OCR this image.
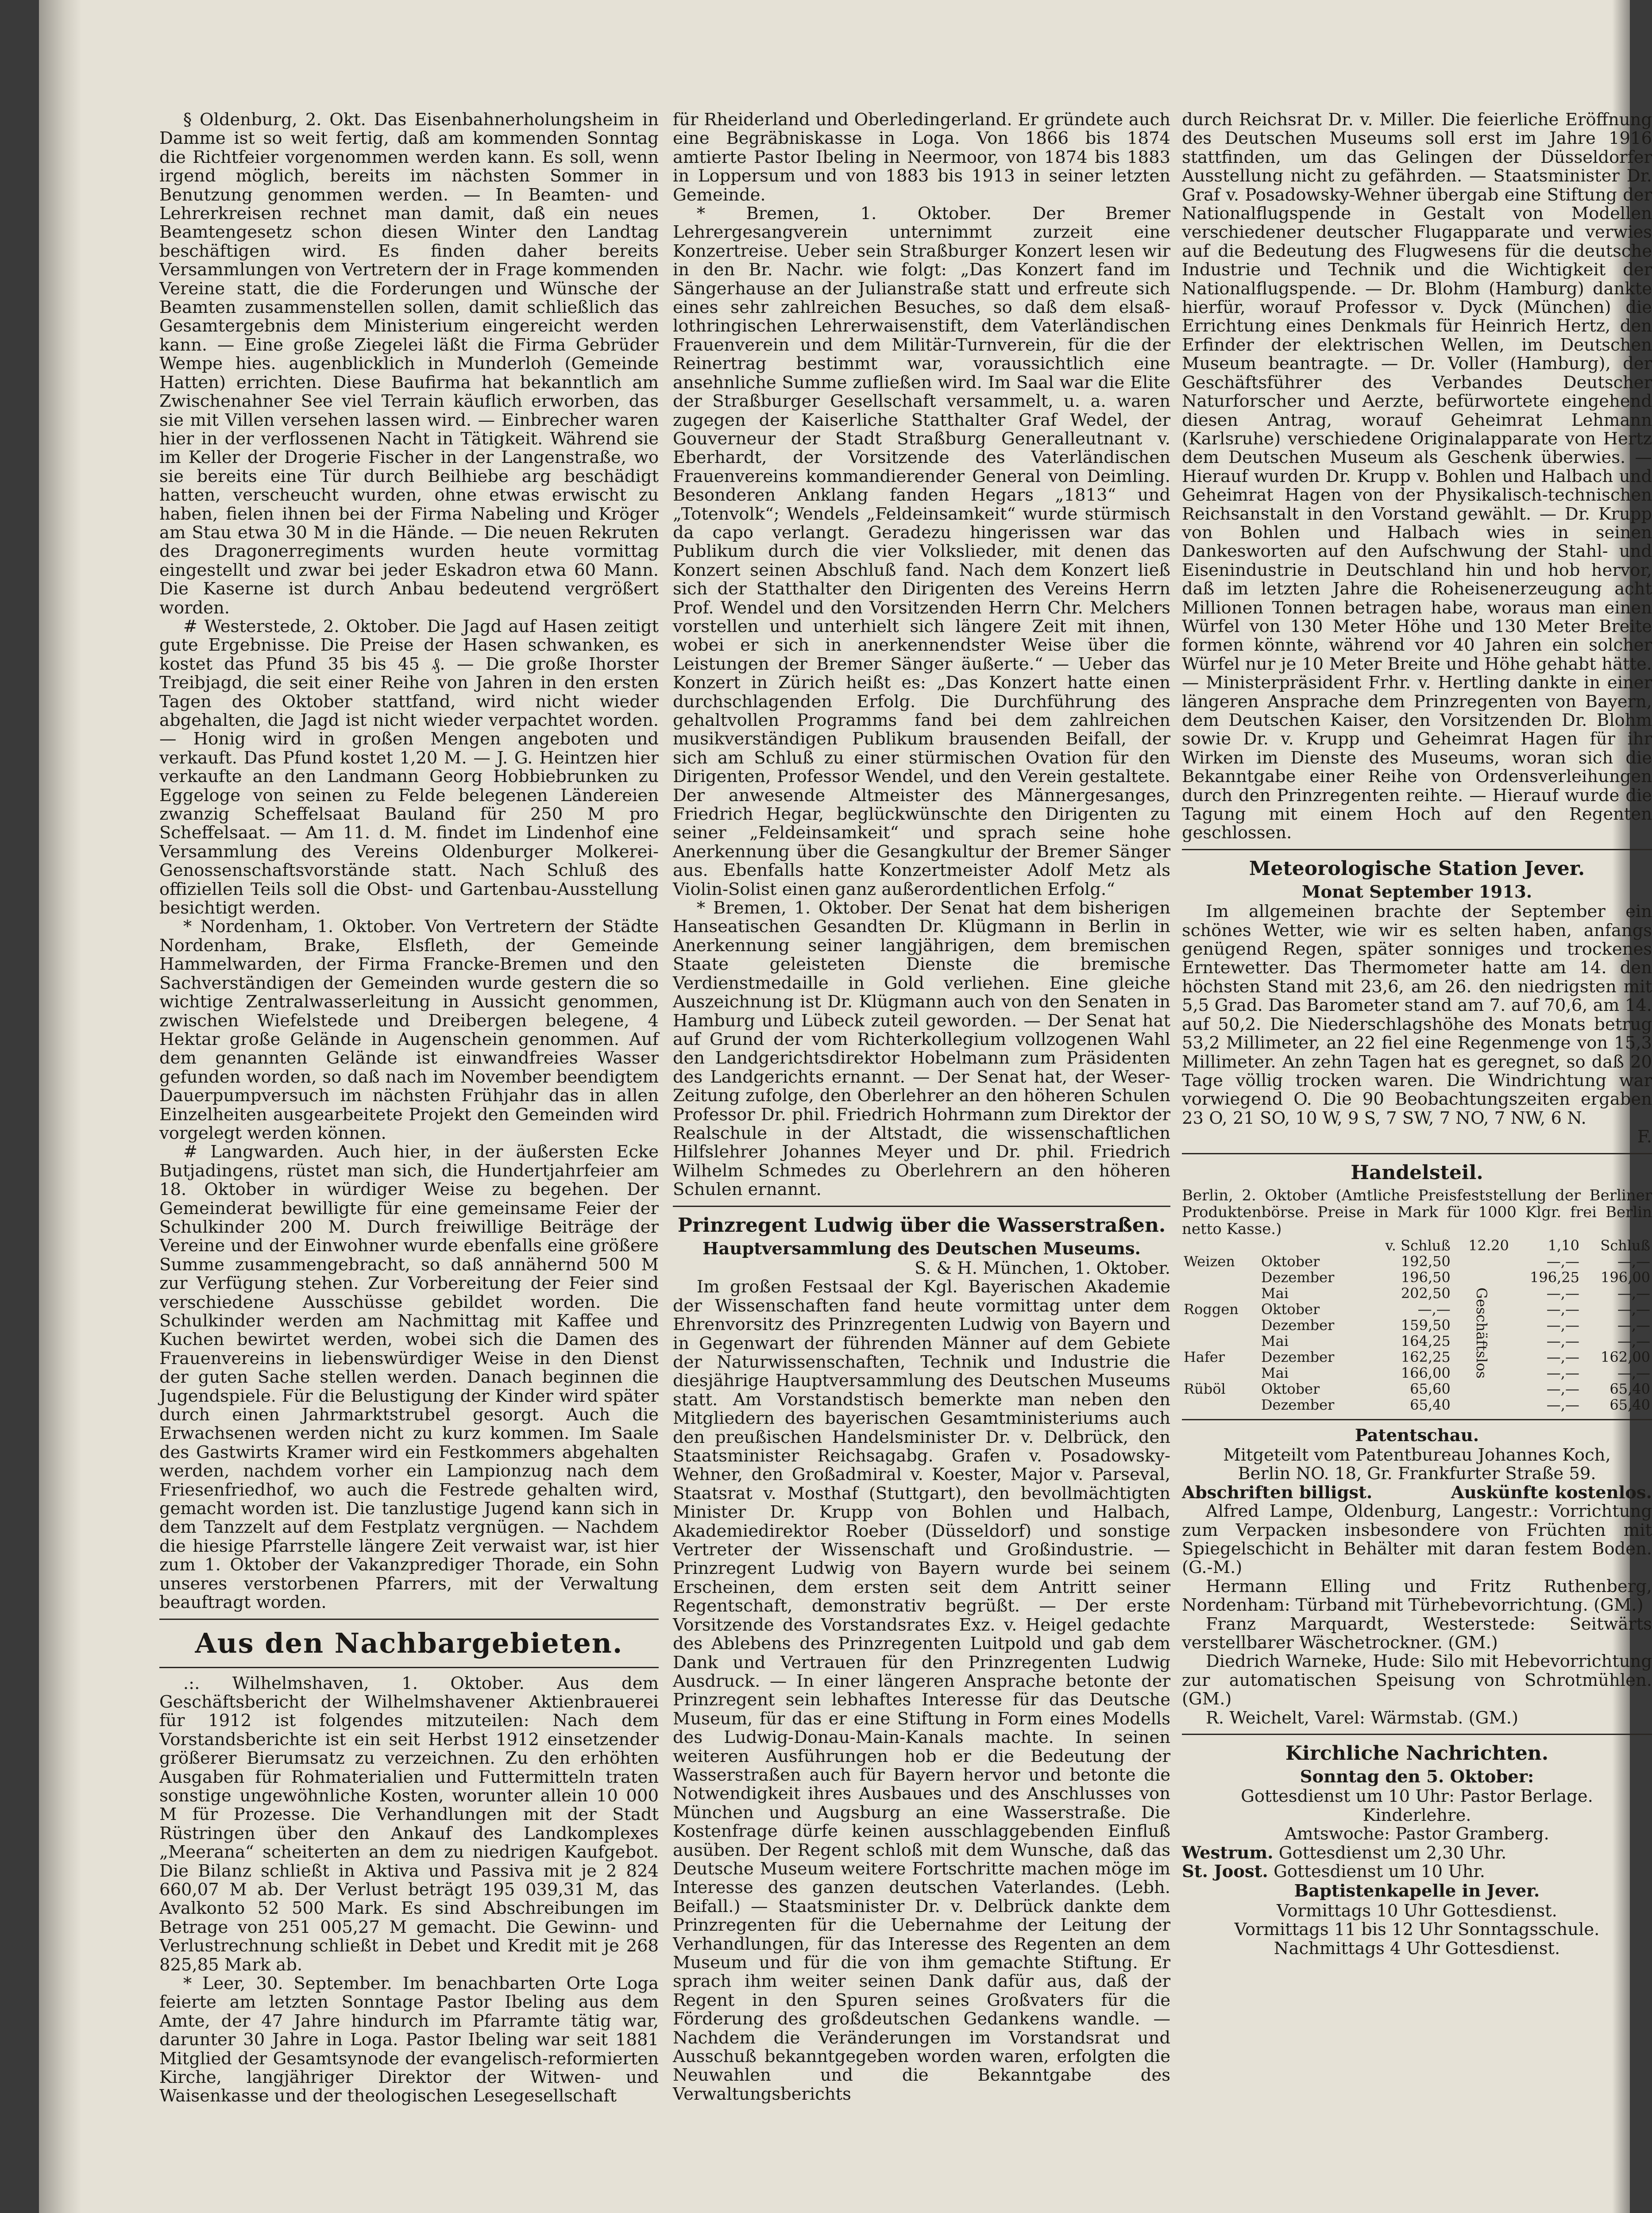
§ Oldenburg, 2. Okt. Das Eisenbahnerholungsheim in Damme ist so weit fertig, daß am kommenden Sonntag die Richtfeier vorgenommen werden kann. Es soll, wenn irgend möglich, bereits im nächsten Sommer in Benutzung genommen werden. — In Beamten- und Lehrerkreisen rechnet man damit, daß ein neues Beamtengesetz schon diesen Winter den Landtag beschäftigen wird. Es finden daher bereits Versammlungen von Vertretern der in Frage kommenden Vereine statt, die die Forderungen und Wünsche der Beamten zusammenstellen sollen, damit schließlich das Gesamtergebnis dem Ministerium eingereicht werden kann. — Eine große Ziegelei läßt die Firma Gebrüder Wempe hies. augenblicklich in Munderloh (Gemeinde Hatten) errichten. Diese Baufirma hat bekanntlich am Zwischenahner See viel Terrain käuflich erworben, das sie mit Villen versehen lassen wird. — Einbrecher waren hier in der verflossenen Nacht in Tätigkeit. Während sie im Keller der Drogerie Fischer in der Langenstraße, wo sie bereits eine Tür durch Beilhiebe arg beschädigt hatten, verscheucht wurden, ohne etwas erwischt zu haben, fielen ihnen bei der Firma Nabeling und Kröger am Stau etwa 30 M in die Hände. — Die neuen Rekruten des Dragonerregiments wurden heute vormittag eingestellt und zwar bei jeder Eskadron etwa 60 Mann. Die Kaserne ist durch Anbau bedeutend vergrößert worden.

# Westerstede, 2. Oktober. Die Jagd auf Hasen zeitigt gute Ergebnisse. Die Preise der Hasen schwanken, es kostet das Pfund 35 bis 45 ₰. — Die große Ihorster Treibjagd, die seit einer Reihe von Jahren in den ersten Tagen des Oktober stattfand, wird nicht wieder abgehalten, die Jagd ist nicht wieder verpachtet worden. — Honig wird in großen Mengen angeboten und verkauft. Das Pfund kostet 1,20 M. — J. G. Heintzen hier verkaufte an den Landmann Georg Hobbiebrunken zu Eggeloge von seinen zu Felde belegenen Ländereien zwanzig Scheffelsaat Bauland für 250 M pro Scheffelsaat. — Am 11. d. M. findet im Lindenhof eine Versammlung des Vereins Oldenburger Molkerei-Genossenschaftsvorstände statt. Nach Schluß des offiziellen Teils soll die Obst- und Gartenbau-Ausstellung besichtigt werden.

* Nordenham, 1. Oktober. Von Vertretern der Städte Nordenham, Brake, Elsfleth, der Gemeinde Hammelwarden, der Firma Francke-Bremen und den Sachverständigen der Gemeinden wurde gestern die so wichtige Zentralwasserleitung in Aussicht genommen, zwischen Wiefelstede und Dreibergen belegene, 4 Hektar große Gelände in Augenschein genommen. Auf dem genannten Gelände ist einwandfreies Wasser gefunden worden, so daß nach im November beendigtem Dauerpumpversuch im nächsten Frühjahr das in allen Einzelheiten ausgearbeitete Projekt den Gemeinden wird vorgelegt werden können.

# Langwarden. Auch hier, in der äußersten Ecke Butjadingens, rüstet man sich, die Hundertjahrfeier am 18. Oktober in würdiger Weise zu begehen. Der Gemeinderat bewilligte für eine gemeinsame Feier der Schulkinder 200 M. Durch freiwillige Beiträge der Vereine und der Einwohner wurde ebenfalls eine größere Summe zusammengebracht, so daß annähernd 500 M zur Verfügung stehen. Zur Vorbereitung der Feier sind verschiedene Ausschüsse gebildet worden. Die Schulkinder werden am Nachmittag mit Kaffee und Kuchen bewirtet werden, wobei sich die Damen des Frauenvereins in liebenswürdiger Weise in den Dienst der guten Sache stellen werden. Danach beginnen die Jugendspiele. Für die Belustigung der Kinder wird später durch einen Jahrmarktstrubel gesorgt. Auch die Erwachsenen werden nicht zu kurz kommen. Im Saale des Gastwirts Kramer wird ein Festkommers abgehalten werden, nachdem vorher ein Lampionzug nach dem Friesenfriedhof, wo auch die Festrede gehalten wird, gemacht worden ist. Die tanzlustige Jugend kann sich in dem Tanzzelt auf dem Festplatz vergnügen. — Nachdem die hiesige Pfarrstelle längere Zeit verwaist war, ist hier zum 1. Oktober der Vakanzprediger Thorade, ein Sohn unseres verstorbenen Pfarrers, mit der Verwaltung beauftragt worden.

Aus den Nachbargebieten.

.:. Wilhelmshaven, 1. Oktober. Aus dem Geschäftsbericht der Wilhelmshavener Aktienbrauerei für 1912 ist folgendes mitzuteilen: Nach dem Vorstandsberichte ist ein seit Herbst 1912 einsetzender größerer Bierumsatz zu verzeichnen. Zu den erhöhten Ausgaben für Rohmaterialien und Futtermitteln traten sonstige ungewöhnliche Kosten, worunter allein 10 000 M für Prozesse. Die Verhandlungen mit der Stadt Rüstringen über den Ankauf des Landkomplexes „Meerana“ scheiterten an dem zu niedrigen Kaufgebot. Die Bilanz schließt in Aktiva und Passiva mit je 2 824 660,07 M ab. Der Verlust beträgt 195 039,31 M, das Avalkonto 52 500 Mark. Es sind Abschreibungen im Betrage von 251 005,27 M gemacht. Die Gewinn- und Verlustrechnung schließt in Debet und Kredit mit je 268 825,85 Mark ab.

* Leer, 30. September. Im benachbarten Orte Loga feierte am letzten Sonntage Pastor Ibeling aus dem Amte, der 47 Jahre hindurch im Pfarramte tätig war, darunter 30 Jahre in Loga. Pastor Ibeling war seit 1881 Mitglied der Gesamtsynode der evangelisch-reformierten Kirche, langjähriger Direktor der Witwen- und Waisenkasse und der theologischen Lesegesellschaft

für Rheiderland und Oberledingerland. Er gründete auch eine Begräbniskasse in Loga. Von 1866 bis 1874 amtierte Pastor Ibeling in Neermoor, von 1874 bis 1883 in Loppersum und von 1883 bis 1913 in seiner letzten Gemeinde.

* Bremen, 1. Oktober. Der Bremer Lehrergesangverein unternimmt zurzeit eine Konzertreise. Ueber sein Straßburger Konzert lesen wir in den Br. Nachr. wie folgt: „Das Konzert fand im Sängerhause an der Julianstraße statt und erfreute sich eines sehr zahlreichen Besuches, so daß dem elsaß-lothringischen Lehrerwaisenstift, dem Vaterländischen Frauenverein und dem Militär-Turnverein, für die der Reinertrag bestimmt war, voraussichtlich eine ansehnliche Summe zufließen wird. Im Saal war die Elite der Straßburger Gesellschaft versammelt, u. a. waren zugegen der Kaiserliche Statthalter Graf Wedel, der Gouverneur der Stadt Straßburg Generalleutnant v. Eberhardt, der Vorsitzende des Vaterländischen Frauenvereins kommandierender General von Deimling. Besonderen Anklang fanden Hegars „1813“ und „Totenvolk“; Wendels „Feldeinsamkeit“ wurde stürmisch da capo verlangt. Geradezu hingerissen war das Publikum durch die vier Volkslieder, mit denen das Konzert seinen Abschluß fand. Nach dem Konzert ließ sich der Statthalter den Dirigenten des Vereins Herrn Prof. Wendel und den Vorsitzenden Herrn Chr. Melchers vorstellen und unterhielt sich längere Zeit mit ihnen, wobei er sich in anerkennendster Weise über die Leistungen der Bremer Sänger äußerte.“ — Ueber das Konzert in Zürich heißt es: „Das Konzert hatte einen durchschlagenden Erfolg. Die Durchführung des gehaltvollen Programms fand bei dem zahlreichen musikverständigen Publikum brausenden Beifall, der sich am Schluß zu einer stürmischen Ovation für den Dirigenten, Professor Wendel, und den Verein gestaltete. Der anwesende Altmeister des Männergesanges, Friedrich Hegar, beglückwünschte den Dirigenten zu seiner „Feldeinsamkeit“ und sprach seine hohe Anerkennung über die Gesangkultur der Bremer Sänger aus. Ebenfalls hatte Konzertmeister Adolf Metz als Violin-Solist einen ganz außerordentlichen Erfolg.“

* Bremen, 1. Oktober. Der Senat hat dem bisherigen Hanseatischen Gesandten Dr. Klügmann in Berlin in Anerkennung seiner langjährigen, dem bremischen Staate geleisteten Dienste die bremische Verdienstmedaille in Gold verliehen. Eine gleiche Auszeichnung ist Dr. Klügmann auch von den Senaten in Hamburg und Lübeck zuteil geworden. — Der Senat hat auf Grund der vom Richterkollegium vollzogenen Wahl den Landgerichtsdirektor Hobelmann zum Präsidenten des Landgerichts ernannt. — Der Senat hat, der Weser-Zeitung zufolge, den Oberlehrer an den höheren Schulen Professor Dr. phil. Friedrich Hohrmann zum Direktor der Realschule in der Altstadt, die wissenschaftlichen Hilfslehrer Johannes Meyer und Dr. phil. Friedrich Wilhelm Schmedes zu Oberlehrern an den höheren Schulen ernannt.

Prinzregent Ludwig über die Wasserstraßen.
Hauptversammlung des Deutschen Museums.
S. & H. München, 1. Oktober.

Im großen Festsaal der Kgl. Bayerischen Akademie der Wissenschaften fand heute vormittag unter dem Ehrenvorsitz des Prinzregenten Ludwig von Bayern und in Gegenwart der führenden Männer auf dem Gebiete der Naturwissenschaften, Technik und Industrie die diesjährige Hauptversammlung des Deutschen Museums statt. Am Vorstandstisch bemerkte man neben den Mitgliedern des bayerischen Gesamtministeriums auch den preußischen Handelsminister Dr. v. Delbrück, den Staatsminister Reichsagabg. Grafen v. Posadowsky-Wehner, den Großadmiral v. Koester, Major v. Parseval, Staatsrat v. Mosthaf (Stuttgart), den bevollmächtigten Minister Dr. Krupp von Bohlen und Halbach, Akademiedirektor Roeber (Düsseldorf) und sonstige Vertreter der Wissenschaft und Großindustrie. — Prinzregent Ludwig von Bayern wurde bei seinem Erscheinen, dem ersten seit dem Antritt seiner Regentschaft, demonstrativ begrüßt. — Der erste Vorsitzende des Vorstandsrates Exz. v. Heigel gedachte des Ablebens des Prinzregenten Luitpold und gab dem Dank und Vertrauen für den Prinzregenten Ludwig Ausdruck. — In einer längeren Ansprache betonte der Prinzregent sein lebhaftes Interesse für das Deutsche Museum, für das er eine Stiftung in Form eines Modells des Ludwig-Donau-Main-Kanals machte. In seinen weiteren Ausführungen hob er die Bedeutung der Wasserstraßen auch für Bayern hervor und betonte die Notwendigkeit ihres Ausbaues und des Anschlusses von München und Augsburg an eine Wasserstraße. Die Kostenfrage dürfe keinen ausschlaggebenden Einfluß ausüben. Der Regent schloß mit dem Wunsche, daß das Deutsche Museum weitere Fortschritte machen möge im Interesse des ganzen deutschen Vaterlandes. (Lebh. Beifall.) — Staatsminister Dr. v. Delbrück dankte dem Prinzregenten für die Uebernahme der Leitung der Verhandlungen, für das Interesse des Regenten an dem Museum und für die von ihm gemachte Stiftung. Er sprach ihm weiter seinen Dank dafür aus, daß der Regent in den Spuren seines Großvaters für die Förderung des großdeutschen Gedankens wandle. — Nachdem die Veränderungen im Vorstandsrat und Ausschuß bekanntgegeben worden waren, erfolgten die Neuwahlen und die Bekanntgabe des Verwaltungsberichts

durch Reichsrat Dr. v. Miller. Die feierliche Eröffnung des Deutschen Museums soll erst im Jahre 1916 stattfinden, um das Gelingen der Düsseldorfer Ausstellung nicht zu gefährden. — Staatsminister Dr. Graf v. Posadowsky-Wehner übergab eine Stiftung der Nationalflugspende in Gestalt von Modellen verschiedener deutscher Flugapparate und verwies auf die Bedeutung des Flugwesens für die deutsche Industrie und Technik und die Wichtigkeit der Nationalflugspende. — Dr. Blohm (Hamburg) dankte hierfür, worauf Professor v. Dyck (München) die Errichtung eines Denkmals für Heinrich Hertz, den Erfinder der elektrischen Wellen, im Deutschen Museum beantragte. — Dr. Voller (Hamburg), der Geschäftsführer des Verbandes Deutscher Naturforscher und Aerzte, befürwortete eingehend diesen Antrag, worauf Geheimrat Lehmann (Karlsruhe) verschiedene Originalapparate von Hertz dem Deutschen Museum als Geschenk überwies. — Hierauf wurden Dr. Krupp v. Bohlen und Halbach und Geheimrat Hagen von der Physikalisch-technischen Reichsanstalt in den Vorstand gewählt. — Dr. Krupp von Bohlen und Halbach wies in seinen Dankesworten auf den Aufschwung der Stahl- und Eisenindustrie in Deutschland hin und hob hervor, daß im letzten Jahre die Roheisenerzeugung acht Millionen Tonnen betragen habe, woraus man einen Würfel von 130 Meter Höhe und 130 Meter Breite formen könnte, während vor 40 Jahren ein solcher Würfel nur je 10 Meter Breite und Höhe gehabt hätte. — Ministerpräsident Frhr. v. Hertling dankte in einer längeren Ansprache dem Prinzregenten von Bayern, dem Deutschen Kaiser, den Vorsitzenden Dr. Blohm sowie Dr. v. Krupp und Geheimrat Hagen für ihr Wirken im Dienste des Museums, woran sich die Bekanntgabe einer Reihe von Ordensverleihungen durch den Prinzregenten reihte. — Hierauf wurde die Tagung mit einem Hoch auf den Regenten geschlossen.

Meteorologische Station Jever.
Monat September 1913.

Im allgemeinen brachte der September ein schönes Wetter, wie wir es selten haben, anfangs genügend Regen, später sonniges und trockenes Erntewetter. Das Thermometer hatte am 14. den höchsten Stand mit 23,6, am 26. den niedrigsten mit 5,5 Grad. Das Barometer stand am 7. auf 70,6, am 14. auf 50,2. Die Niederschlagshöhe des Monats betrug 53,2 Millimeter, an 22 fiel eine Regenmenge von 15,3 Millimeter. An zehn Tagen hat es geregnet, so daß 20 Tage völlig trocken waren. Die Windrichtung war vorwiegend O. Die 90 Beobachtungszeiten ergaben 23 O, 21 SO, 10 W, 9 S, 7 SW, 7 NO, 7 NW, 6 N.

F.
Handelsteil.
Berlin, 2. Oktober (Amtliche Preisfeststellung der Berliner Produktenbörse. Preise in Mark für 1000 Klgr. frei Berlin netto Kasse.)
		v. Schluß	12.20	1,10	Schluß
Weizen	Oktober	192,50	Geschäftslos	—,—	—,—
	Dezember	196,50		196,25	196,00
	Mai	202,50		—,—	—,—
Roggen	Oktober	—,—		—,—	—,—
	Dezember	159,50		—,—	—,—
	Mai	164,25		—,—	—,—
Hafer	Dezember	162,25		—,—	162,00
	Mai	166,00		—,—	—,—
Rüböl	Oktober	65,60		—,—	65,40
	Dezember	65,40		—,—	65,40
Patentschau.
Mitgeteilt vom Patentbureau Johannes Koch,
Berlin NO. 18, Gr. Frankfurter Straße 59.
Abschriften billigst.	Auskünfte kostenlos.

Alfred Lampe, Oldenburg, Langestr.: Vorrichtung zum Verpacken insbesondere von Früchten mit Spiegelschicht in Behälter mit daran festem Boden. (G.-M.)

Hermann Elling und Fritz Ruthenberg, Nordenham: Türband mit Türhebevorrichtung. (GM.)

Franz Marquardt, Westerstede: Seitwärts verstellbarer Wäschetrockner. (GM.)

Diedrich Warneke, Hude: Silo mit Hebevorrichtung zur automatischen Speisung von Schrotmühlen. (GM.)

R. Weichelt, Varel: Wärmstab. (GM.)

Kirchliche Nachrichten.
Sonntag den 5. Oktober:
Gottesdienst um 10 Uhr: Pastor Berlage.
Kinderlehre.
Amtswoche: Pastor Gramberg.
Westrum. Gottesdienst um 2,30 Uhr.
St. Joost. Gottesdienst um 10 Uhr.
Baptistenkapelle in Jever.
Vormittags 10 Uhr Gottesdienst.
Vormittags 11 bis 12 Uhr Sonntagsschule.
Nachmittags 4 Uhr Gottesdienst.
